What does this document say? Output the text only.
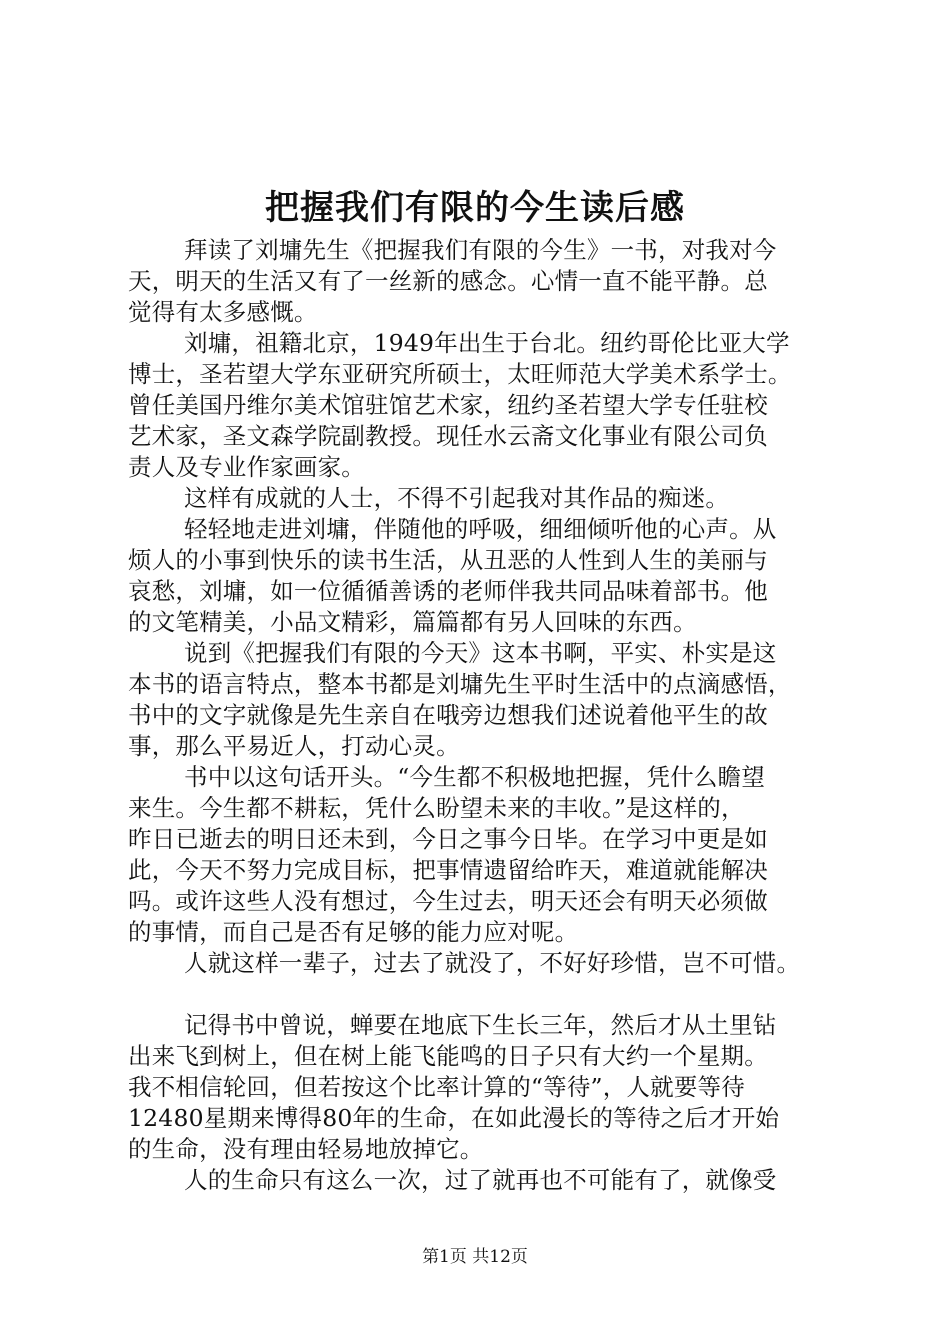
把握我们有限的今生读后感
拜读了刘墉先生《把握我们有限的今生》一书，对我对今
天，明天的生活又有了一丝新的感念。心情一直不能平静。总
觉得有太多感慨。
刘墉，祖籍北京，1949年出生于台北。纽约哥伦比亚大学
博士，圣若望大学东亚研究所硕士，太旺师范大学美术系学士。
曾任美国丹维尔美术馆驻馆艺术家，纽约圣若望大学专任驻校
艺术家，圣文森学院副教授。现任水云斋文化事业有限公司负
责人及专业作家画家。
这样有成就的人士，不得不引起我对其作品的痴迷。
轻轻地走进刘墉，伴随他的呼吸，细细倾听他的心声。从
烦人的小事到快乐的读书生活，从丑恶的人性到人生的美丽与
哀愁，刘墉，如一位循循善诱的老师伴我共同品味着部书。他
的文笔精美，小品文精彩，篇篇都有另人回味的东西。
说到《把握我们有限的今天》这本书啊，平实、朴实是这
本书的语言特点，整本书都是刘墉先生平时生活中的点滴感悟，
书中的文字就像是先生亲自在哦旁边想我们述说着他平生的故
事，那么平易近人，打动心灵。
书中以这句话开头。“今生都不积极地把握，凭什么瞻望
来生。今生都不耕耘，凭什么盼望未来的丰收。”是这样的，
昨日已逝去的明日还未到，今日之事今日毕。在学习中更是如
此，今天不努力完成目标，把事情遗留给昨天，难道就能解决
吗。或许这些人没有想过，今生过去，明天还会有明天必须做
的事情，而自己是否有足够的能力应对呢。
人就这样一辈子，过去了就没了，不好好珍惜，岂不可惜。
记得书中曾说，蝉要在地底下生长三年，然后才从土里钻
出来飞到树上，但在树上能飞能鸣的日子只有大约一个星期。
我不相信轮回，但若按这个比率计算的“等待”，人就要等待
12480星期来博得80年的生命，在如此漫长的等待之后才开始
的生命，没有理由轻易地放掉它。
人的生命只有这么一次，过了就再也不可能有了，就像受
第1页 共12页
